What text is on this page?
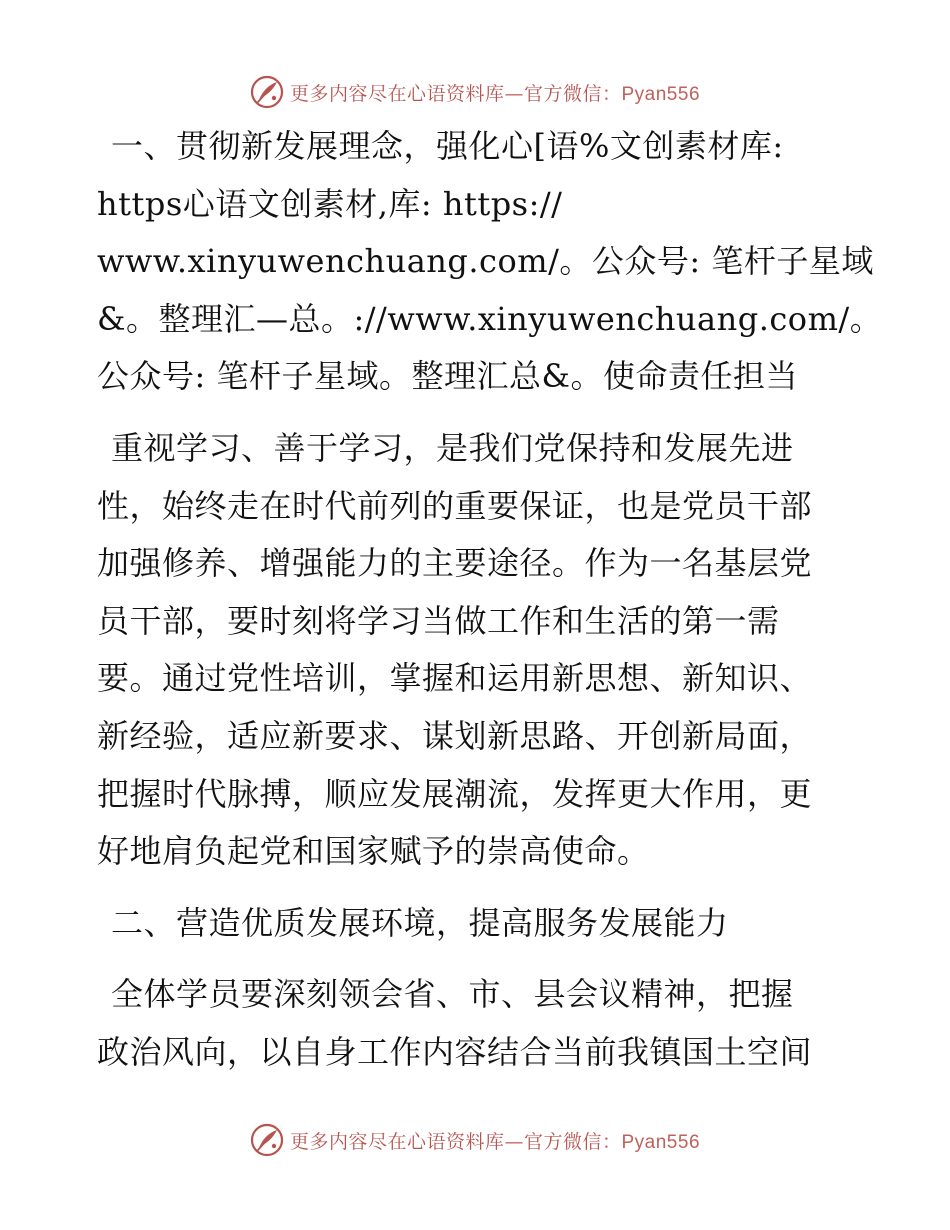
更多内容尽在心语资料库—官方微信：Pyan556
一、贯彻新发展理念，强化心[语%文创素材库:
https心语文创素材,库: https://
www.xinyuwenchuang.com/。公众号: 笔杆子星域
&。整理汇—总。://www.xinyuwenchuang.com/。
公众号: 笔杆子星域。整理汇总&。使命责任担当
重视学习、善于学习，是我们党保持和发展先进
性，始终走在时代前列的重要保证，也是党员干部
加强修养、增强能力的主要途径。作为一名基层党
员干部，要时刻将学习当做工作和生活的第一需
要。通过党性培训，掌握和运用新思想、新知识、
新经验，适应新要求、谋划新思路、开创新局面，
把握时代脉搏，顺应发展潮流，发挥更大作用，更
好地肩负起党和国家赋予的崇高使命。
二、营造优质发展环境，提高服务发展能力
全体学员要深刻领会省、市、县会议精神，把握
政治风向，以自身工作内容结合当前我镇国土空间
更多内容尽在心语资料库—官方微信：Pyan556
